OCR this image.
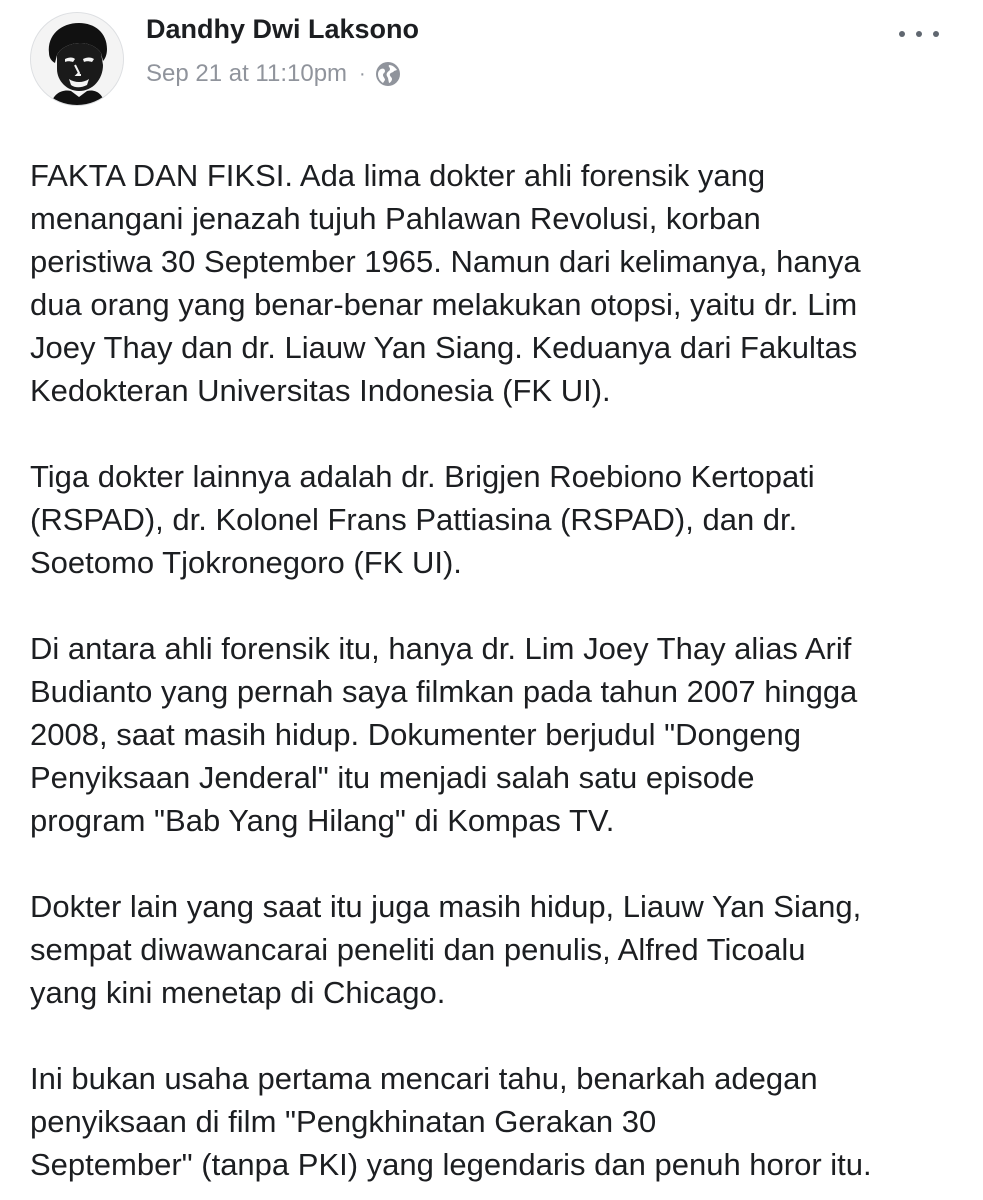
Dandhy Dwi Laksono
Sep 21 at 11:10pm ·

FAKTA DAN FIKSI. Ada lima dokter ahli forensik yang
menangani jenazah tujuh Pahlawan Revolusi, korban
peristiwa 30 September 1965. Namun dari kelimanya, hanya
dua orang yang benar-benar melakukan otopsi, yaitu dr. Lim
Joey Thay dan dr. Liauw Yan Siang. Keduanya dari Fakultas
Kedokteran Universitas Indonesia (FK UI).

Tiga dokter lainnya adalah dr. Brigjen Roebiono Kertopati
(RSPAD), dr. Kolonel Frans Pattiasina (RSPAD), dan dr.
Soetomo Tjokronegoro (FK UI).

Di antara ahli forensik itu, hanya dr. Lim Joey Thay alias Arif
Budianto yang pernah saya filmkan pada tahun 2007 hingga
2008, saat masih hidup. Dokumenter berjudul "Dongeng
Penyiksaan Jenderal" itu menjadi salah satu episode
program "Bab Yang Hilang" di Kompas TV.

Dokter lain yang saat itu juga masih hidup, Liauw Yan Siang,
sempat diwawancarai peneliti dan penulis, Alfred Ticoalu
yang kini menetap di Chicago.

Ini bukan usaha pertama mencari tahu, benarkah adegan
penyiksaan di film "Pengkhinatan Gerakan 30
September" (tanpa PKI) yang legendaris dan penuh horor itu.
